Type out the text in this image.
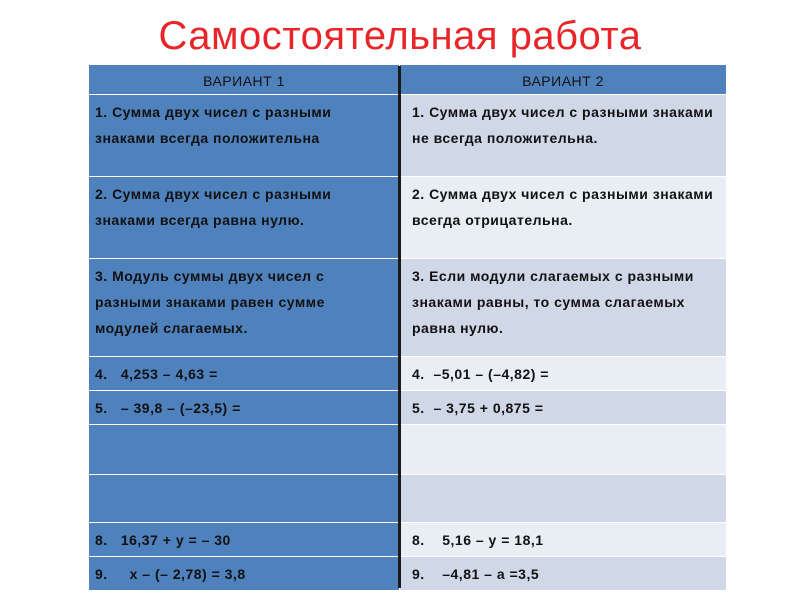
Самостоятельная работа
ВАРИАНТ 1	ВАРИАНТ 2
1. Сумма двух чисел с разными знаками всегда положительна	1. Сумма двух чисел с разными знаками не всегда положительна.
2. Сумма двух чисел с разными знаками всегда равна нулю.	2. Сумма двух чисел с разными знаками всегда отрицательна.
3. Модуль суммы двух чисел с разными знаками равен сумме модулей слагаемых.	3. Если модули слагаемых с разными знаками равны, то сумма слагаемых равна нулю.
4.   4,253 – 4,63 =	4.  –5,01 – (–4,82) =
5.   – 39,8 – (–23,5) =	5.  – 3,75 + 0,875 =

8.   16,37 + y = – 30	8.    5,16 – y = 18,1
9.     x – (– 2,78) = 3,8	9.    –4,81 – a =3,5
